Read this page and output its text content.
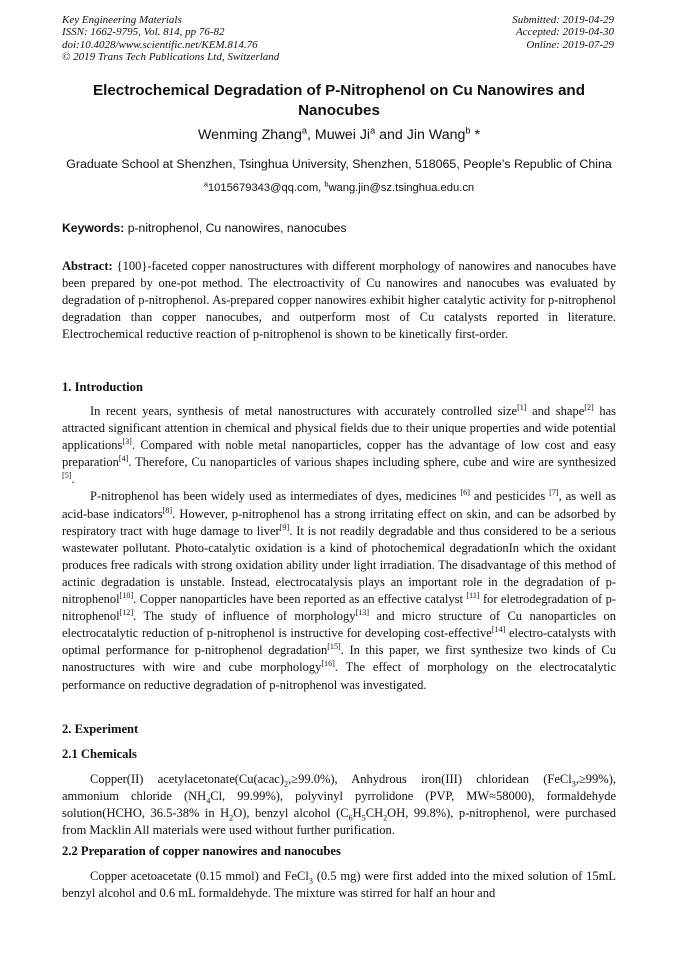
Key Engineering Materials
ISSN: 1662-9795, Vol. 814, pp 76-82
doi:10.4028/www.scientific.net/KEM.814.76
© 2019 Trans Tech Publications Ltd, Switzerland
Submitted: 2019-04-29
Accepted: 2019-04-30
Online: 2019-07-29
Electrochemical Degradation of P-Nitrophenol on Cu Nanowires and Nanocubes
Wenming Zhang$^a$, Muwei Ji$^a$ and Jin Wang$^b$ *
Graduate School at Shenzhen, Tsinghua University, Shenzhen, 518065, People’s Republic of China
$^a$1015679343@qq.com, $^b$wang.jin@sz.tsinghua.edu.cn
Keywords: p-nitrophenol, Cu nanowires, nanocubes
Abstract: {100}-faceted copper nanostructures with different morphology of nanowires and nanocubes have been prepared by one-pot method. The electroactivity of Cu nanowires and nanocubes was evaluated by degradation of p-nitrophenol. As-prepared copper nanowires exhibit higher catalytic activity for p-nitrophenol degradation than copper nanocubes, and outperform most of Cu catalysts reported in literature. Electrochemical reductive reaction of p-nitrophenol is shown to be kinetically first-order.
1. Introduction

In recent years, synthesis of metal nanostructures with accurately controlled size[1] and shape[2] has attracted significant attention in chemical and physical fields due to their unique properties and wide potential applications[3]. Compared with noble metal nanoparticles, copper has the advantage of low cost and easy preparation[4]. Therefore, Cu nanoparticles of various shapes including sphere, cube and wire are synthesized [5].

P-nitrophenol has been widely used as intermediates of dyes, medicines [6] and pesticides [7], as well as acid-base indicators[8]. However, p-nitrophenol has a strong irritating effect on skin, and can be adsorbed by respiratory tract with huge damage to liver[9]. It is not readily degradable and thus considered to be a serious wastewater pollutant. Photo-catalytic oxidation is a kind of photochemical degradationIn which the oxidant produces free radicals with strong oxidation ability under light irradiation. The disadvantage of this method of actinic degradation is unstable. Instead, electrocatalysis plays an important role in the degradation of p-nitrophenol[10]. Copper nanoparticles have been reported as an effective catalyst [11] for eletrodegradation of p-nitrophenol[12]. The study of influence of morphology[13] and micro structure of Cu nanoparticles on electrocatalytic reduction of p-nitrophenol is instructive for developing cost-effective[14] electro-catalysts with optimal performance for p-nitrophenol degradation[15]. In this paper, we first synthesize two kinds of Cu nanostructures with wire and cube morphology[16]. The effect of morphology on the electrocatalytic performance on reductive degradation of p-nitrophenol was investigated.

2. Experiment
2.1 Chemicals

Copper(II) $acetylacetonate(Cu(acac)_2,\ge 99.0\%)$, Anhydrous iron(III) chloridean (FeCl$_3$,≥99%), ammonium chloride ($NH_4Cl$, 99.99%), polyvinyl pyrrolidone (PVP, MW≈58000), formaldehyde solution(HCHO, 36.5-38% in $H_2O$), benzyl alcohol ($C_6H_5CH_2OH$, 99.8%), p-nitrophenol, were purchased from Macklin All materials were used without further purification.

2.2 Preparation of copper nanowires and nanocubes

Copper acetoacetate (0.15 mmol) and FeCl$_3$ (0.5 mg) were first added into the mixed solution of 15mL benzyl alcohol and 0.6 mL formaldehyde. The mixture was stirred for half an hour and
